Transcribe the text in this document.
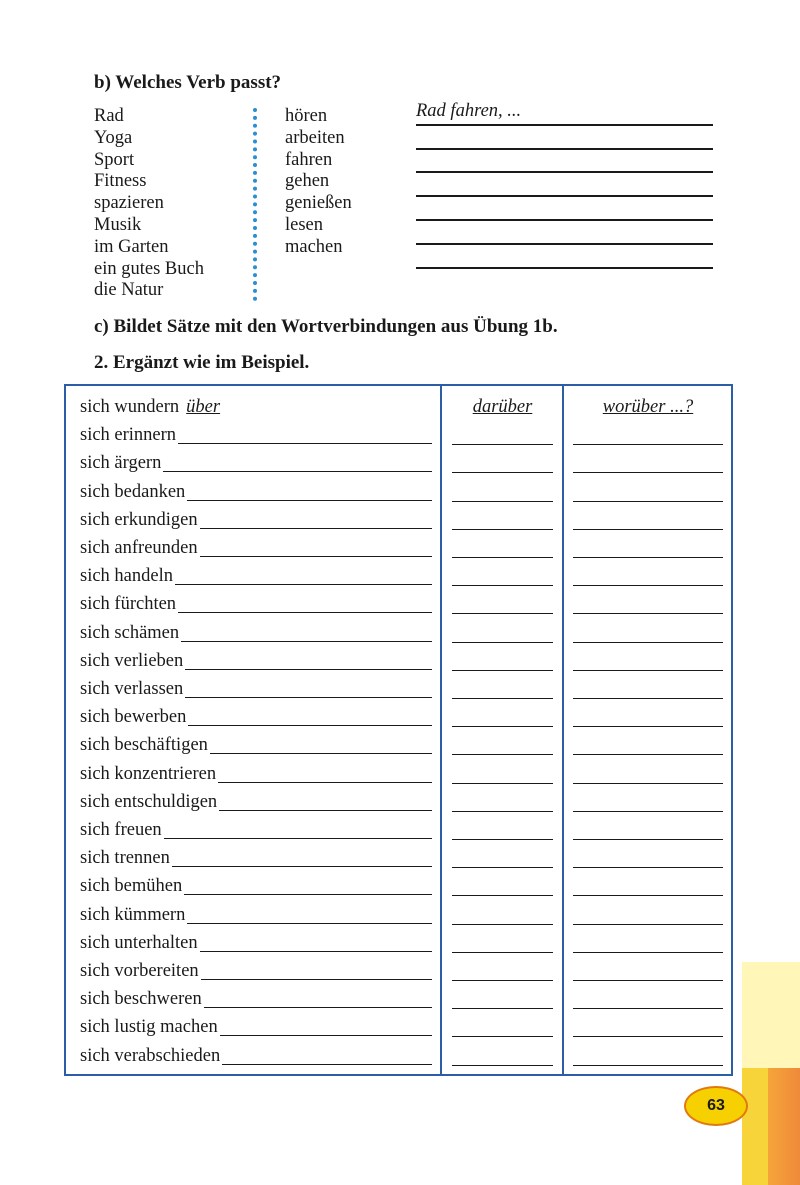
b) Welches Verb passt?
Rad
Yoga
Sport
Fitness
spazieren
Musik
im Garten
ein gutes Buch
die Natur
hören
arbeiten
fahren
gehen
genießen
lesen
machen
Rad fahren, ...
c) Bildet Sätze mit den Wortverbindungen aus Übung 1b.
2. Ergänzt wie im Beispiel.
sich wundern über	darüber	worüber ...?
sich erinnern
sich ärgern
sich bedanken
sich erkundigen
sich anfreunden
sich handeln
sich fürchten
sich schämen
sich verlieben
sich verlassen
sich bewerben
sich beschäftigen
sich konzentrieren
sich entschuldigen
sich freuen
sich trennen
sich bemühen
sich kümmern
sich unterhalten
sich vorbereiten
sich beschweren
sich lustig machen
sich verabschieden
63
